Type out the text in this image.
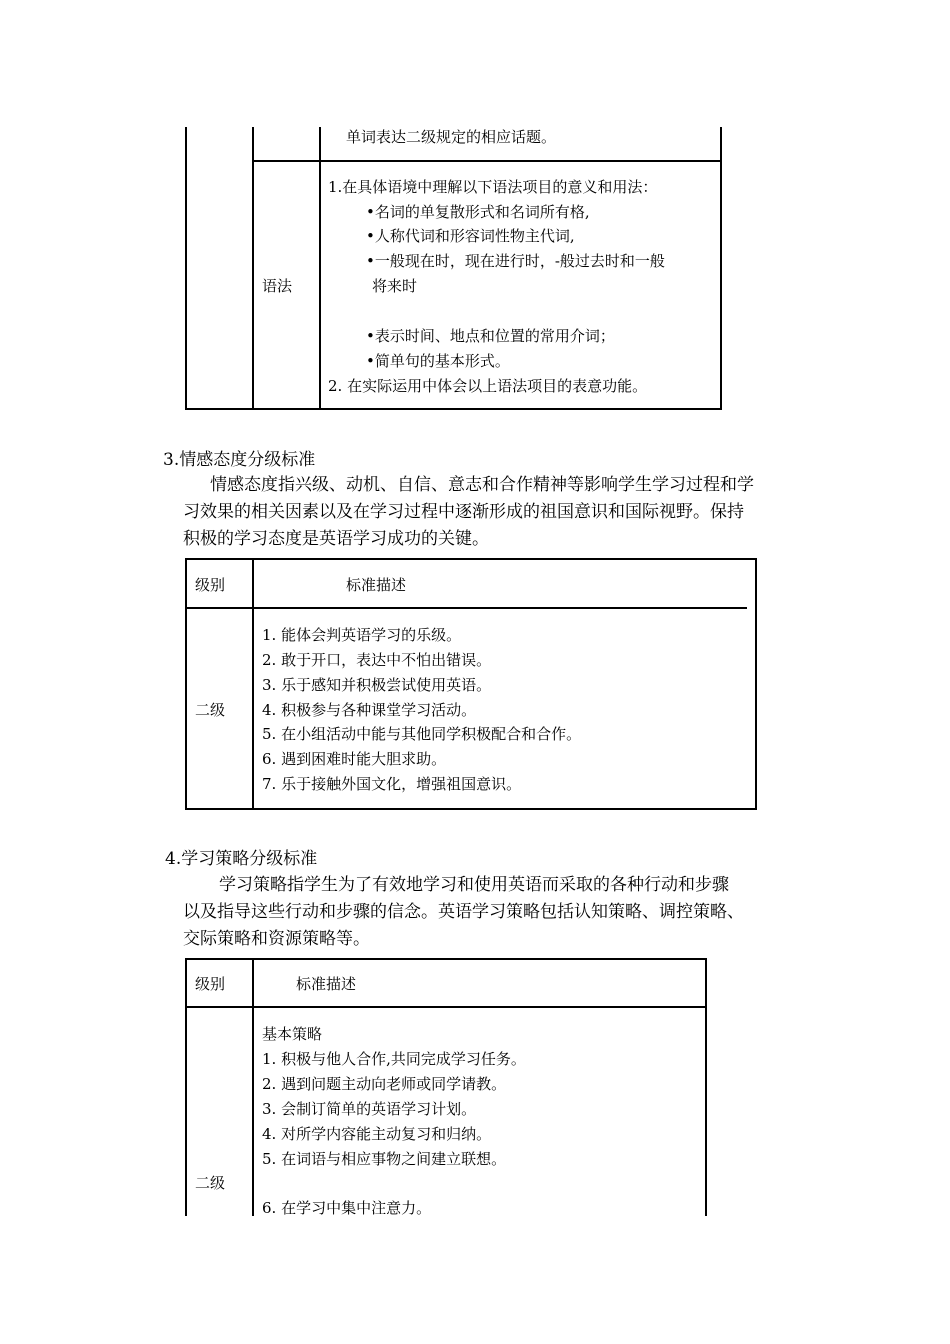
单词表达二级规定的相应话题。
语法
1.在具体语境中理解以下语法项目的意义和用法：
•名词的单复散形式和名词所有格,
•人称代词和形容词性物主代词,
•一般现在时，现在进行时，-般过去时和一般
将来时
•表示时间、地点和位置的常用介词；
•简单句的基本形式。
2. 在实际运用中体会以上语法项目的表意功能。
3.情感态度分级标准

情感态度指兴级、动机、自信、意志和合作精神等影响学生学习过程和学

习效果的相关因素以及在学习过程中逐渐形成的祖国意识和国际视野。保持

积极的学习态度是英语学习成功的关键。

级别	标准描述
二级
1. 能体会判英语学习的乐级。
2. 敢于开口，表达中不怕出错误。
3. 乐于感知并积极尝试使用英语。
4. 积极参与各种课堂学习活动。
5. 在小组活动中能与其他同学积极配合和合作。
6. 遇到困难时能大胆求助。
7. 乐于接触外国文化，增强祖国意识。
4.学习策略分级标准

学习策略指学生为了有效地学习和使用英语而采取的各种行动和步骤

以及指导这些行动和步骤的信念。英语学习策略包括认知策略、调控策略、

交际策略和资源策略等。

级别	标准描述
二级
基本策略
1. 积极与他人合作,共同完成学习任务。
2. 遇到问题主动向老师或同学请教。
3. 会制订简单的英语学习计划。
4. 对所学内容能主动复习和归纳。
5. 在词语与相应事物之间建立联想。
6. 在学习中集中注意力。
